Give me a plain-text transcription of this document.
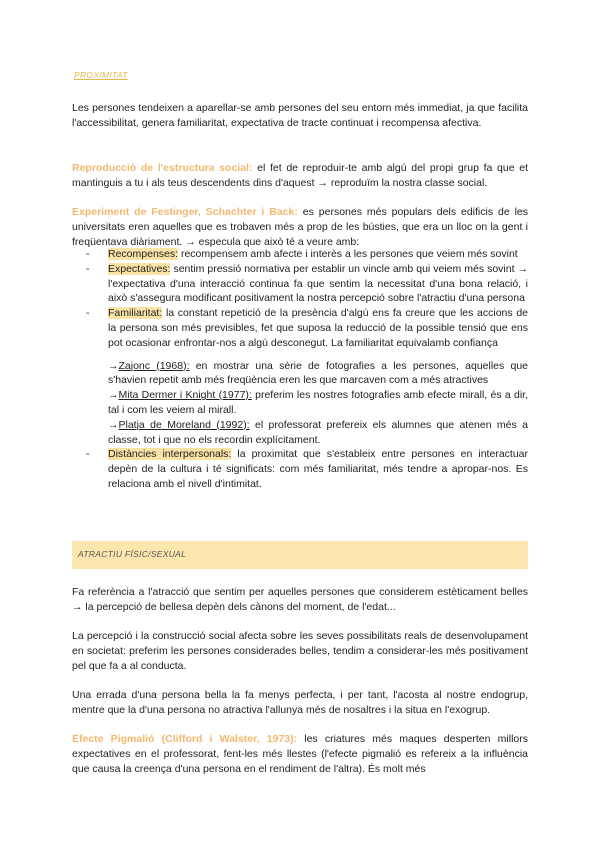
PROXIMITAT

Les persones tendeixen a aparellar-se amb persones del seu entorn més immediat, ja que facilita l'accessibilitat, genera familiaritat, expectativa de tracte continuat i recompensa afectiva.

Reproducció de l'estructura social: el fet de reproduir-te amb algú del propi grup fa que et mantinguis a tu i als teus descendents dins d'aquest → reproduïm la nostra classe social.

Experiment de Festinger, Schachter i Back: es persones més populars dels edificis de les universitats eren aquelles que es trobaven més a prop de les bústies, que era un lloc on la gent i freqüentava diàriament. → especula que això té a veure amb:

- Recompenses: recompensem amb afecte i interès a les persones que veiem més sovint
- Expectatives: sentim pressió normativa per establir un vincle amb qui veiem més sovint → l'expectativa d'una interacció continua fa que sentim la necessitat d'una bona relació, i això s'assegura modificant positivament la nostra percepció sobre l'atractiu d'una persona
- Familiaritat: la constant repetició de la presència d'algú ens fa creure que les accions de la persona son més previsibles, fet que suposa la reducció de la possible tensió que ens pot ocasionar enfrontar-nos a algú desconegut. La familiaritat equivalamb confiança
→Zajonc (1968): en mostrar una sèrie de fotografies a les persones, aquelles que s'havien repetit amb més freqüència eren les que marcaven com a més atractives
→Mita Dermer i Knight (1977): preferim les nostres fotografies amb efecte mirall, és a dir, tal i com les veiem al mirall.
→Platja de Moreland (1992): el professorat prefereix els alumnes que atenen més a classe, tot i que no els recordin explícitament.
- Distàncies interpersonals: la proximitat que s'estableix entre persones en interactuar depèn de la cultura i té significats: com més familiaritat, més tendre a apropar-nos. Es relaciona amb el nivell d'intimitat.
ATRACTIU FÍSIC/SEXUAL

Fa referència a l'atracció que sentim per aquelles persones que considerem estèticament belles → la percepció de bellesa depèn dels cànons del moment, de l'edat...

La percepció i la construcció social afecta sobre les seves possibilitats reals de desenvolupament en societat: preferim les persones considerades belles, tendim a considerar-les més positivament pel que fa a al conducta.

Una errada d'una persona bella la fa menys perfecta, i per tant, l'acosta al nostre endogrup, mentre que la d'una persona no atractiva l'allunya més de nosaltres i la situa en l'exogrup.

Efecte Pigmalió (Clifford i Walster, 1973): les criatures més maques desperten millors expectatives en el professorat, fent-les més llestes (l'efecte pigmalió es refereix a la influència que causa la creença d'una persona en el rendiment de l'altra). És molt més
